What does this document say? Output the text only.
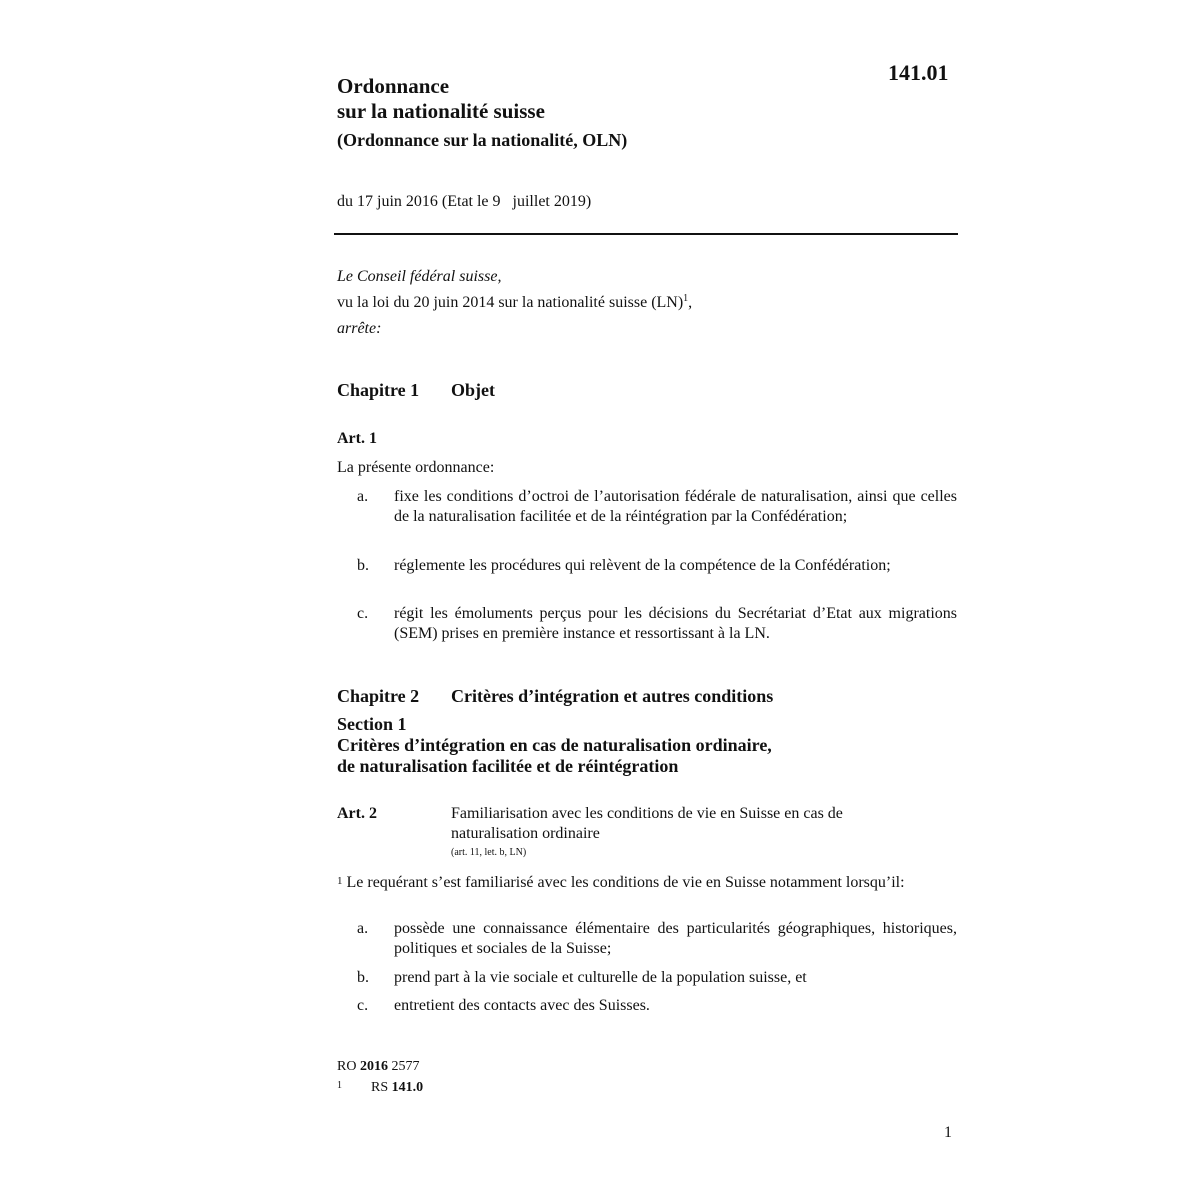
141.01
Ordonnance
sur la nationalité suisse
(Ordonnance sur la nationalité, OLN)
du 17 juin 2016 (Etat le 9   juillet 2019)
Le Conseil fédéral suisse,
vu la loi du 20 juin 2014 sur la nationalité suisse (LN)$^1$,
arrête:
Chapitre 1 Objet
Art. 1
La présente ordonnance:
a. fixe les conditions d’octroi de l’autorisation fédérale de naturalisation, ainsi que celles de la naturalisation facilitée et de la réintégration par la Confédération;
b. réglemente les procédures qui relèvent de la compétence de la Confédération;
c. régit les émoluments perçus pour les décisions du Secrétariat d’Etat aux migrations (SEM) prises en première instance et ressortissant à la LN.
Chapitre 2 Critères d’intégration et autres conditions
Section 1
Critères d’intégration en cas de naturalisation ordinaire,
de naturalisation facilitée et de réintégration
Art. 2	Familiarisation avec les conditions de vie en Suisse en cas de naturalisation ordinaire
(art. 11, let. b, LN)
1 Le requérant s’est familiarisé avec les conditions de vie en Suisse notamment lorsqu’il:
a. possède une connaissance élémentaire des particularités géographiques, historiques, politiques et sociales de la Suisse;
b. prend part à la vie sociale et culturelle de la population suisse, et
c. entretient des contacts avec des Suisses.
RO 2016 2577
1 RS 141.0
1
